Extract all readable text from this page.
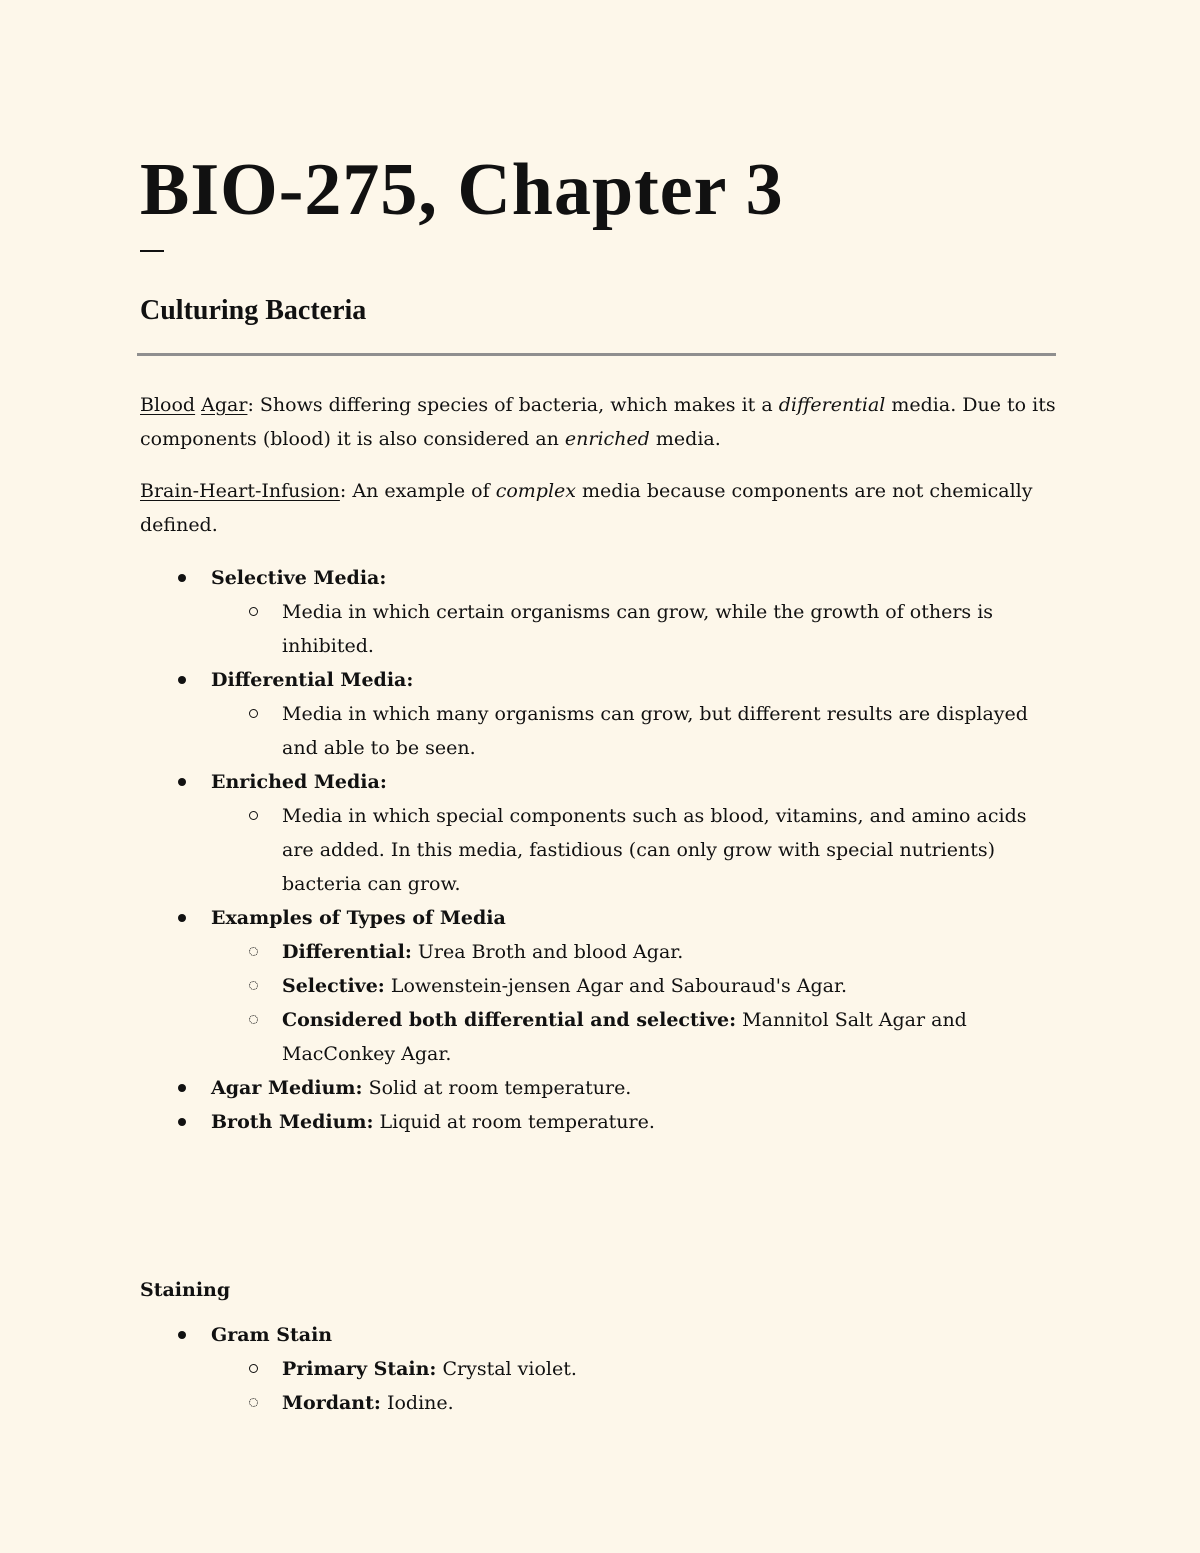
BIO-275, Chapter 3
Culturing Bacteria

Blood Agar: Shows differing species of bacteria, which makes it a differential media. Due to its components (blood) it is also considered an enriched media.

Brain-Heart-Infusion: An example of complex media because components are not chemically defined.

Selective Media:
Media in which certain organisms can grow, while the growth of others is inhibited.
Differential Media:
Media in which many organisms can grow, but different results are displayed and able to be seen.
Enriched Media:
Media in which special components such as blood, vitamins, and amino acids are added. In this media, fastidious (can only grow with special nutrients) bacteria can grow.
Examples of Types of Media
Differential: Urea Broth and blood Agar.
Selective: Lowenstein-jensen Agar and Sabouraud's Agar.
Considered both differential and selective: Mannitol Salt Agar and MacConkey Agar.
Agar Medium: Solid at room temperature.
Broth Medium: Liquid at room temperature.

Staining

Gram Stain
Primary Stain: Crystal violet.
Mordant: Iodine.
